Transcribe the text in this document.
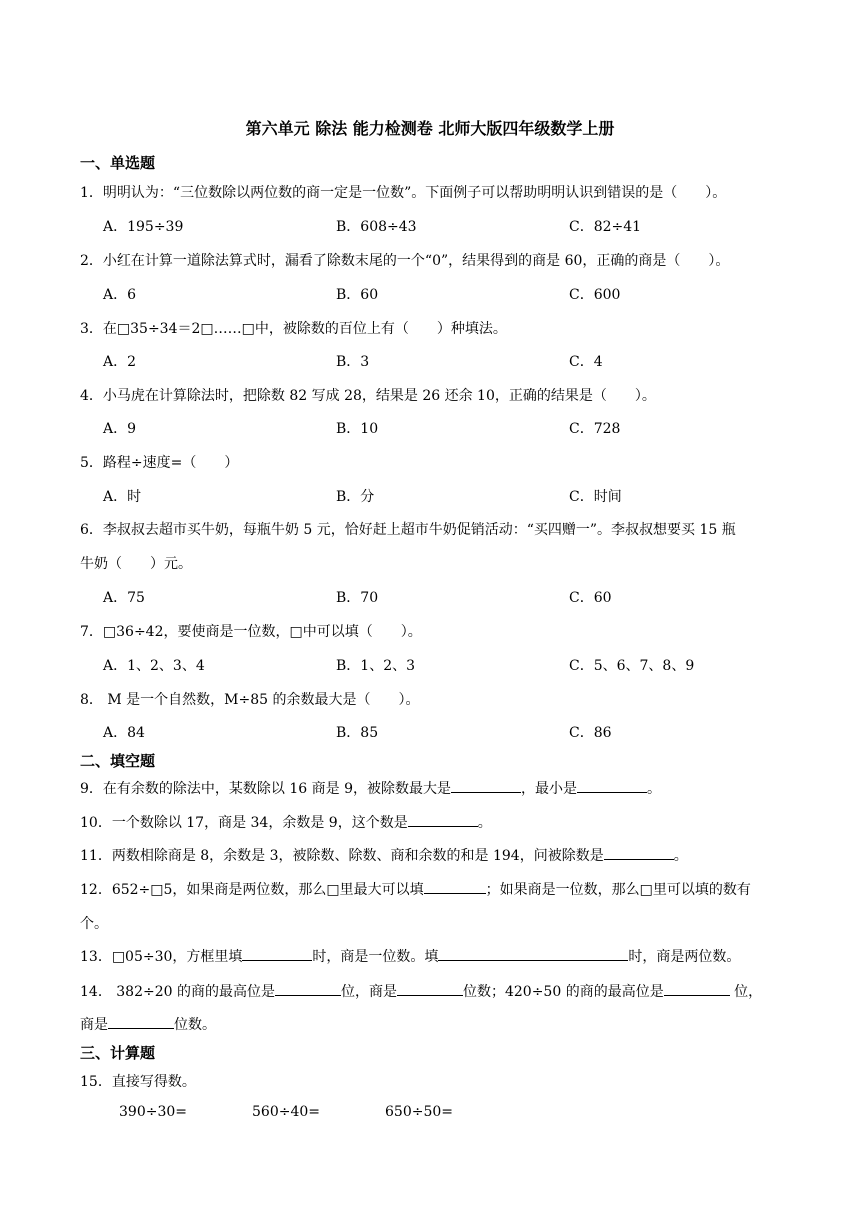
第六单元 除法 能力检测卷 北师大版四年级数学上册
一、单选题
1．明明认为：“三位数除以两位数的商一定是一位数”。下面例子可以帮助明明认识到错误的是（　　）。
A．195÷39	B．608÷43	C．82÷41
2．小红在计算一道除法算式时，漏看了除数末尾的一个“0”，结果得到的商是 60，正确的商是（　　）。
A．6	B．60	C．600
3．在□35÷34＝2□……□中，被除数的百位上有（　　）种填法。
A．2	B．3	C．4
4．小马虎在计算除法时，把除数 82 写成 28，结果是 26 还余 10，正确的结果是（　　）。
A．9	B．10	C．728
5．路程÷速度=（　　）
A．时	B．分	C．时间
6．李叔叔去超市买牛奶，每瓶牛奶 5 元，恰好赶上超市牛奶促销活动：“买四赠一”。李叔叔想要买 15 瓶
牛奶（　　）元。
A．75	B．70	C．60
7．□36÷42，要使商是一位数，□中可以填（　　）。
A．1、2、3、4	B．1、2、3	C．5、6、7、8、9
8． M 是一个自然数，M÷85 的余数最大是（　　）。
A．84	B．85	C．86
二、填空题
9．在有余数的除法中，某数除以 16 商是 9，被除数最大是	，最小是	。
10．一个数除以 17，商是 34，余数是 9，这个数是	。
11．两数相除商是 8，余数是 3，被除数、除数、商和余数的和是 194，问被除数是	。
12．652÷□5，如果商是两位数，那么□里最大可以填	；如果商是一位数，那么□里可以填的数有
个。
13．□05÷30，方框里填	时，商是一位数。填	时，商是两位数。
14． 382÷20 的商的最高位是	位，商是	位数；420÷50 的商的最高位是	位，
商是	位数。
三、计算题
15．直接写得数。
390÷30=	560÷40=	650÷50=
